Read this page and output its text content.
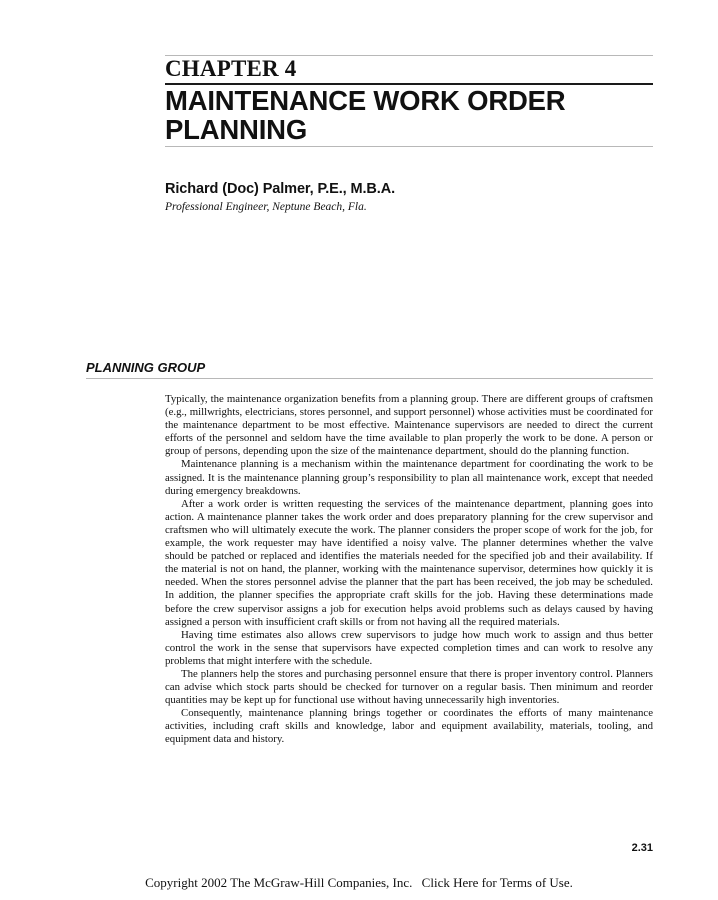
CHAPTER 4
MAINTENANCE WORK ORDER
PLANNING
Richard (Doc) Palmer, P.E., M.B.A.
Professional Engineer, Neptune Beach, Fla.
PLANNING GROUP

Typically, the maintenance organization benefits from a planning group. There are different groups of craftsmen (e.g., millwrights, electricians, stores personnel, and support personnel) whose activities must be coordinated for the maintenance department to be most effective. Maintenance supervisors are needed to direct the current efforts of the personnel and seldom have the time available to plan properly the work to be done. A person or group of persons, depending upon the size of the maintenance department, should do the planning function.

Maintenance planning is a mechanism within the maintenance department for coordinating the work to be assigned. It is the maintenance planning group’s responsibility to plan all maintenance work, except that needed during emergency breakdowns.

After a work order is written requesting the services of the maintenance department, planning goes into action. A maintenance planner takes the work order and does preparatory planning for the crew supervisor and craftsmen who will ultimately execute the work. The planner considers the proper scope of work for the job, for example, the work requester may have identified a noisy valve. The planner determines whether the valve should be patched or replaced and identifies the materials needed for the specified job and their availability. If the material is not on hand, the planner, working with the maintenance supervisor, determines how quickly it is needed. When the stores personnel advise the planner that the part has been received, the job may be scheduled. In addition, the planner specifies the appropriate craft skills for the job. Having these determinations made before the crew supervisor assigns a job for execution helps avoid problems such as delays caused by having assigned a person with insufficient craft skills or from not having all the required materials.

Having time estimates also allows crew supervisors to judge how much work to assign and thus better control the work in the sense that supervisors have expected completion times and can work to resolve any problems that might interfere with the schedule.

The planners help the stores and purchasing personnel ensure that there is proper inventory control. Planners can advise which stock parts should be checked for turnover on a regular basis. Then minimum and reorder quantities may be kept up for functional use without having unnecessarily high inventories.

Consequently, maintenance planning brings together or coordinates the efforts of many maintenance activities, including craft skills and knowledge, labor and equipment availability, materials, tooling, and equipment data and history.

2.31
Copyright 2002 The McGraw-Hill Companies, Inc. Click Here for Terms of Use.
